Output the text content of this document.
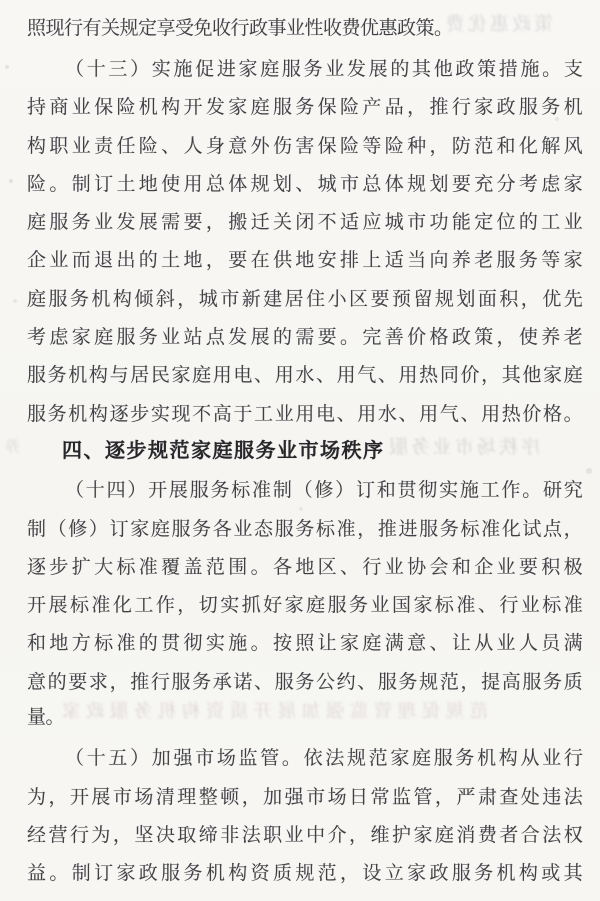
照现行有关规定享受免收行政事业性收费优惠政策。
（ 十 三 ） 实 施 促 进 家 庭 服 务 业 发 展 的 其 他 政 策 措 施 。 支
持 商 业 保 险 机 构 开 发 家 庭 服 务 保 险 产 品 ， 推 行 家 政 服 务 机
构 职 业 责 任 险 、 人 身 意 外 伤 害 保 险 等 险 种 ， 防 范 和 化 解 风
险 。 制 订 土 地 使 用 总 体 规 划 、 城 市 总 体 规 划 要 充 分 考 虑 家
庭 服 务 业 发 展 需 要 ， 搬 迁 关 闭 不 适 应 城 市 功 能 定 位 的 工 业
企 业 而 退 出 的 土 地 ， 要 在 供 地 安 排 上 适 当 向 养 老 服 务 等 家
庭 服 务 机 构 倾 斜 ， 城 市 新 建 居 住 小 区 要 预 留 规 划 面 积 ， 优 先
考 虑 家 庭 服 务 业 站 点 发 展 的 需 要 。 完 善 价 格 政 策 ， 使 养 老
服 务 机 构 与 居 民 家 庭 用 电 、 用 水 、 用 气 、 用 热 同 价 ， 其 他 家 庭
服 务 机 构 逐 步 实 现 不 高 于 工 业 用 电 、 用 水 、 用 气 、 用 热 价 格 。
四、逐步规范家庭服务业市场秩序
（ 十 四 ） 开 展 服 务 标 准 制 （ 修 ） 订 和 贯 彻 实 施 工 作 。 研 究
制 （ 修 ） 订 家 庭 服 务 各 业 态 服 务 标 准 ， 推 进 服 务 标 准 化 试 点 ，
逐 步 扩 大 标 准 覆 盖 范 围 。 各 地 区 、 行 业 协 会 和 企 业 要 积 极
开 展 标 准 化 工 作 ， 切 实 抓 好 家 庭 服 务 业 国 家 标 准 、 行 业 标 准
和 地 方 标 准 的 贯 彻 实 施 。 按 照 让 家 庭 满 意 、 让 从 业 人 员 满
意 的 要 求 ， 推 行 服 务 承 诺 、 服 务 公 约 、 服 务 规 范 ， 提 高 服 务 质
量。
（ 十 五 ） 加 强 市 场 监 管 。 依 法 规 范 家 庭 服 务 机 构 从 业 行
为 ， 开 展 市 场 清 理 整 顿 ， 加 强 市 场 日 常 监 管 ， 严 肃 查 处 违 法
经 营 行 为 ， 坚 决 取 缔 非 法 职 业 中 介 ， 维 护 家 庭 消 费 者 合 法 权
益 。 制 订 家 政 服 务 机 构 资 质 规 范 ， 设 立 家 政 服 务 机 构 或 其
策政惠优费
序秩场市业务服
范规促理管监强加展开质资构机务服政家
养
